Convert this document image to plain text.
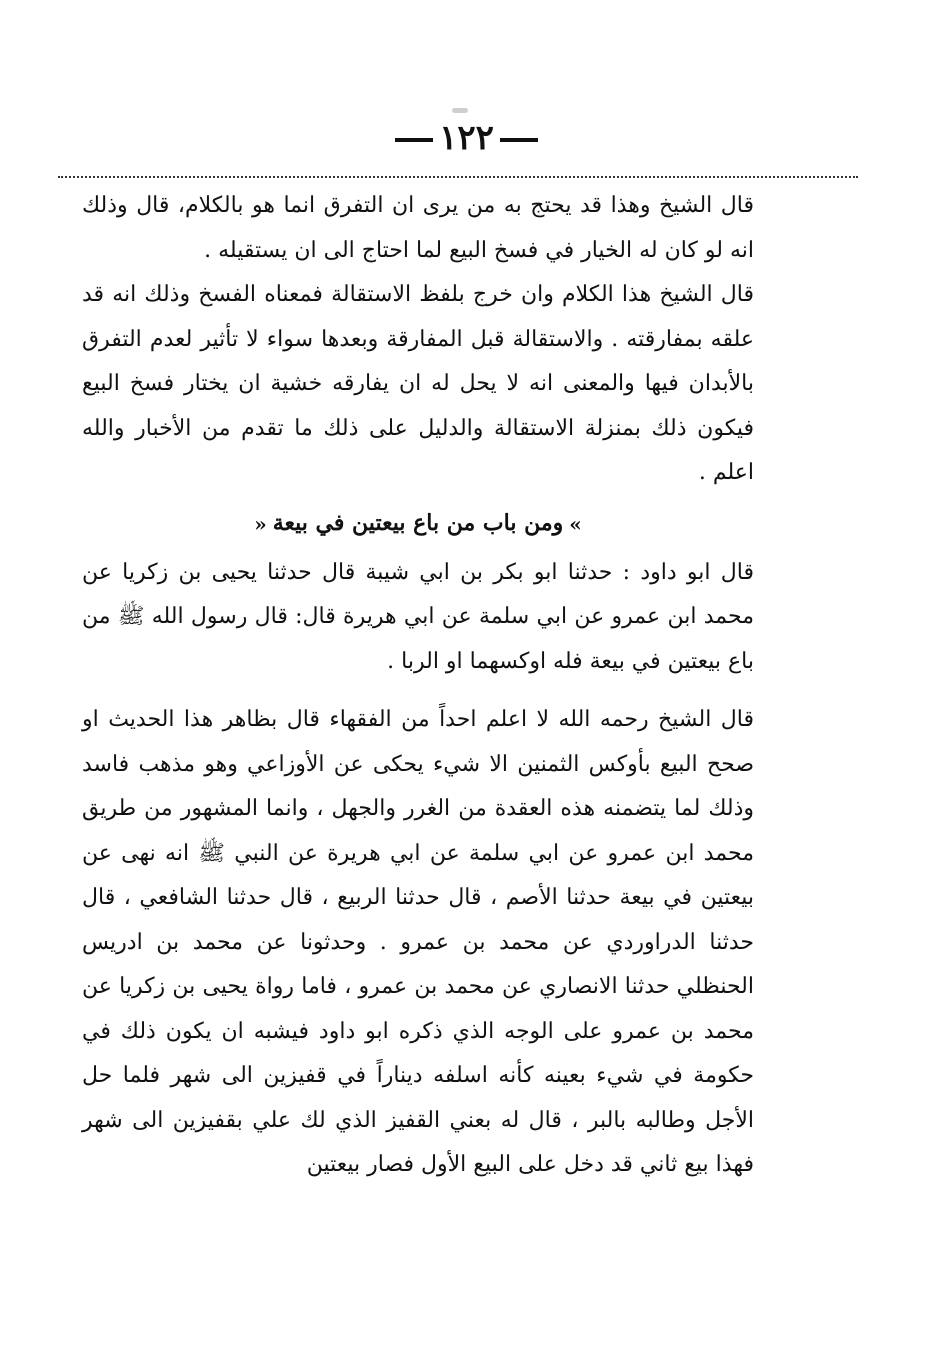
١٢٢

قال الشيخ وهذا قد يحتج به من يرى ان التفرق انما هو بالكلام، قال وذلك انه لو كان له الخيار في فسخ البيع لما احتاج الى ان يستقيله .

قال الشيخ هذا الكلام وان خرج بلفظ الاستقالة فمعناه الفسخ وذلك انه قد علقه بمفارقته . والاستقالة قبل المفارقة وبعدها سواء لا تأثير لعدم التفرق بالأبدان فيها والمعنى انه لا يحل له ان يفارقه خشية ان يختار فسخ البيع فيكون ذلك بمنزلة الاستقالة والدليل على ذلك ما تقدم من الأخبار والله اعلم .

»ومن باب من باع بيعتين في بيعة«

قال ابو داود : حدثنا ابو بكر بن ابي شيبة قال حدثنا يحيى بن زكريا عن محمد ابن عمرو عن ابي سلمة عن ابي هريرة قال: قال رسول الله ﷺ من باع بيعتين في بيعة فله اوكسهما او الربا .

قال الشيخ رحمه الله لا اعلم احداً من الفقهاء قال بظاهر هذا الحديث او صحح البيع بأوكس الثمنين الا شيء يحكى عن الأوزاعي وهو مذهب فاسد وذلك لما يتضمنه هذه العقدة من الغرر والجهل ، وانما المشهور من طريق محمد ابن عمرو عن ابي سلمة عن ابي هريرة عن النبي ﷺ انه نهى عن بيعتين في بيعة حدثنا الأصم ، قال حدثنا الربيع ، قال حدثنا الشافعي ، قال حدثنا الدراوردي عن محمد بن عمرو . وحدثونا عن محمد بن ادريس الحنظلي حدثنا الانصاري عن محمد بن عمرو ، فاما رواة يحيى بن زكريا عن محمد بن عمرو على الوجه الذي ذكره ابو داود فيشبه ان يكون ذلك في حكومة في شيء بعينه كأنه اسلفه ديناراً في قفيزين الى شهر فلما حل الأجل وطالبه بالبر ، قال له بعني القفيز الذي لك علي بقفيزين الى شهر فهذا بيع ثاني قد دخل على البيع الأول فصار بيعتين
